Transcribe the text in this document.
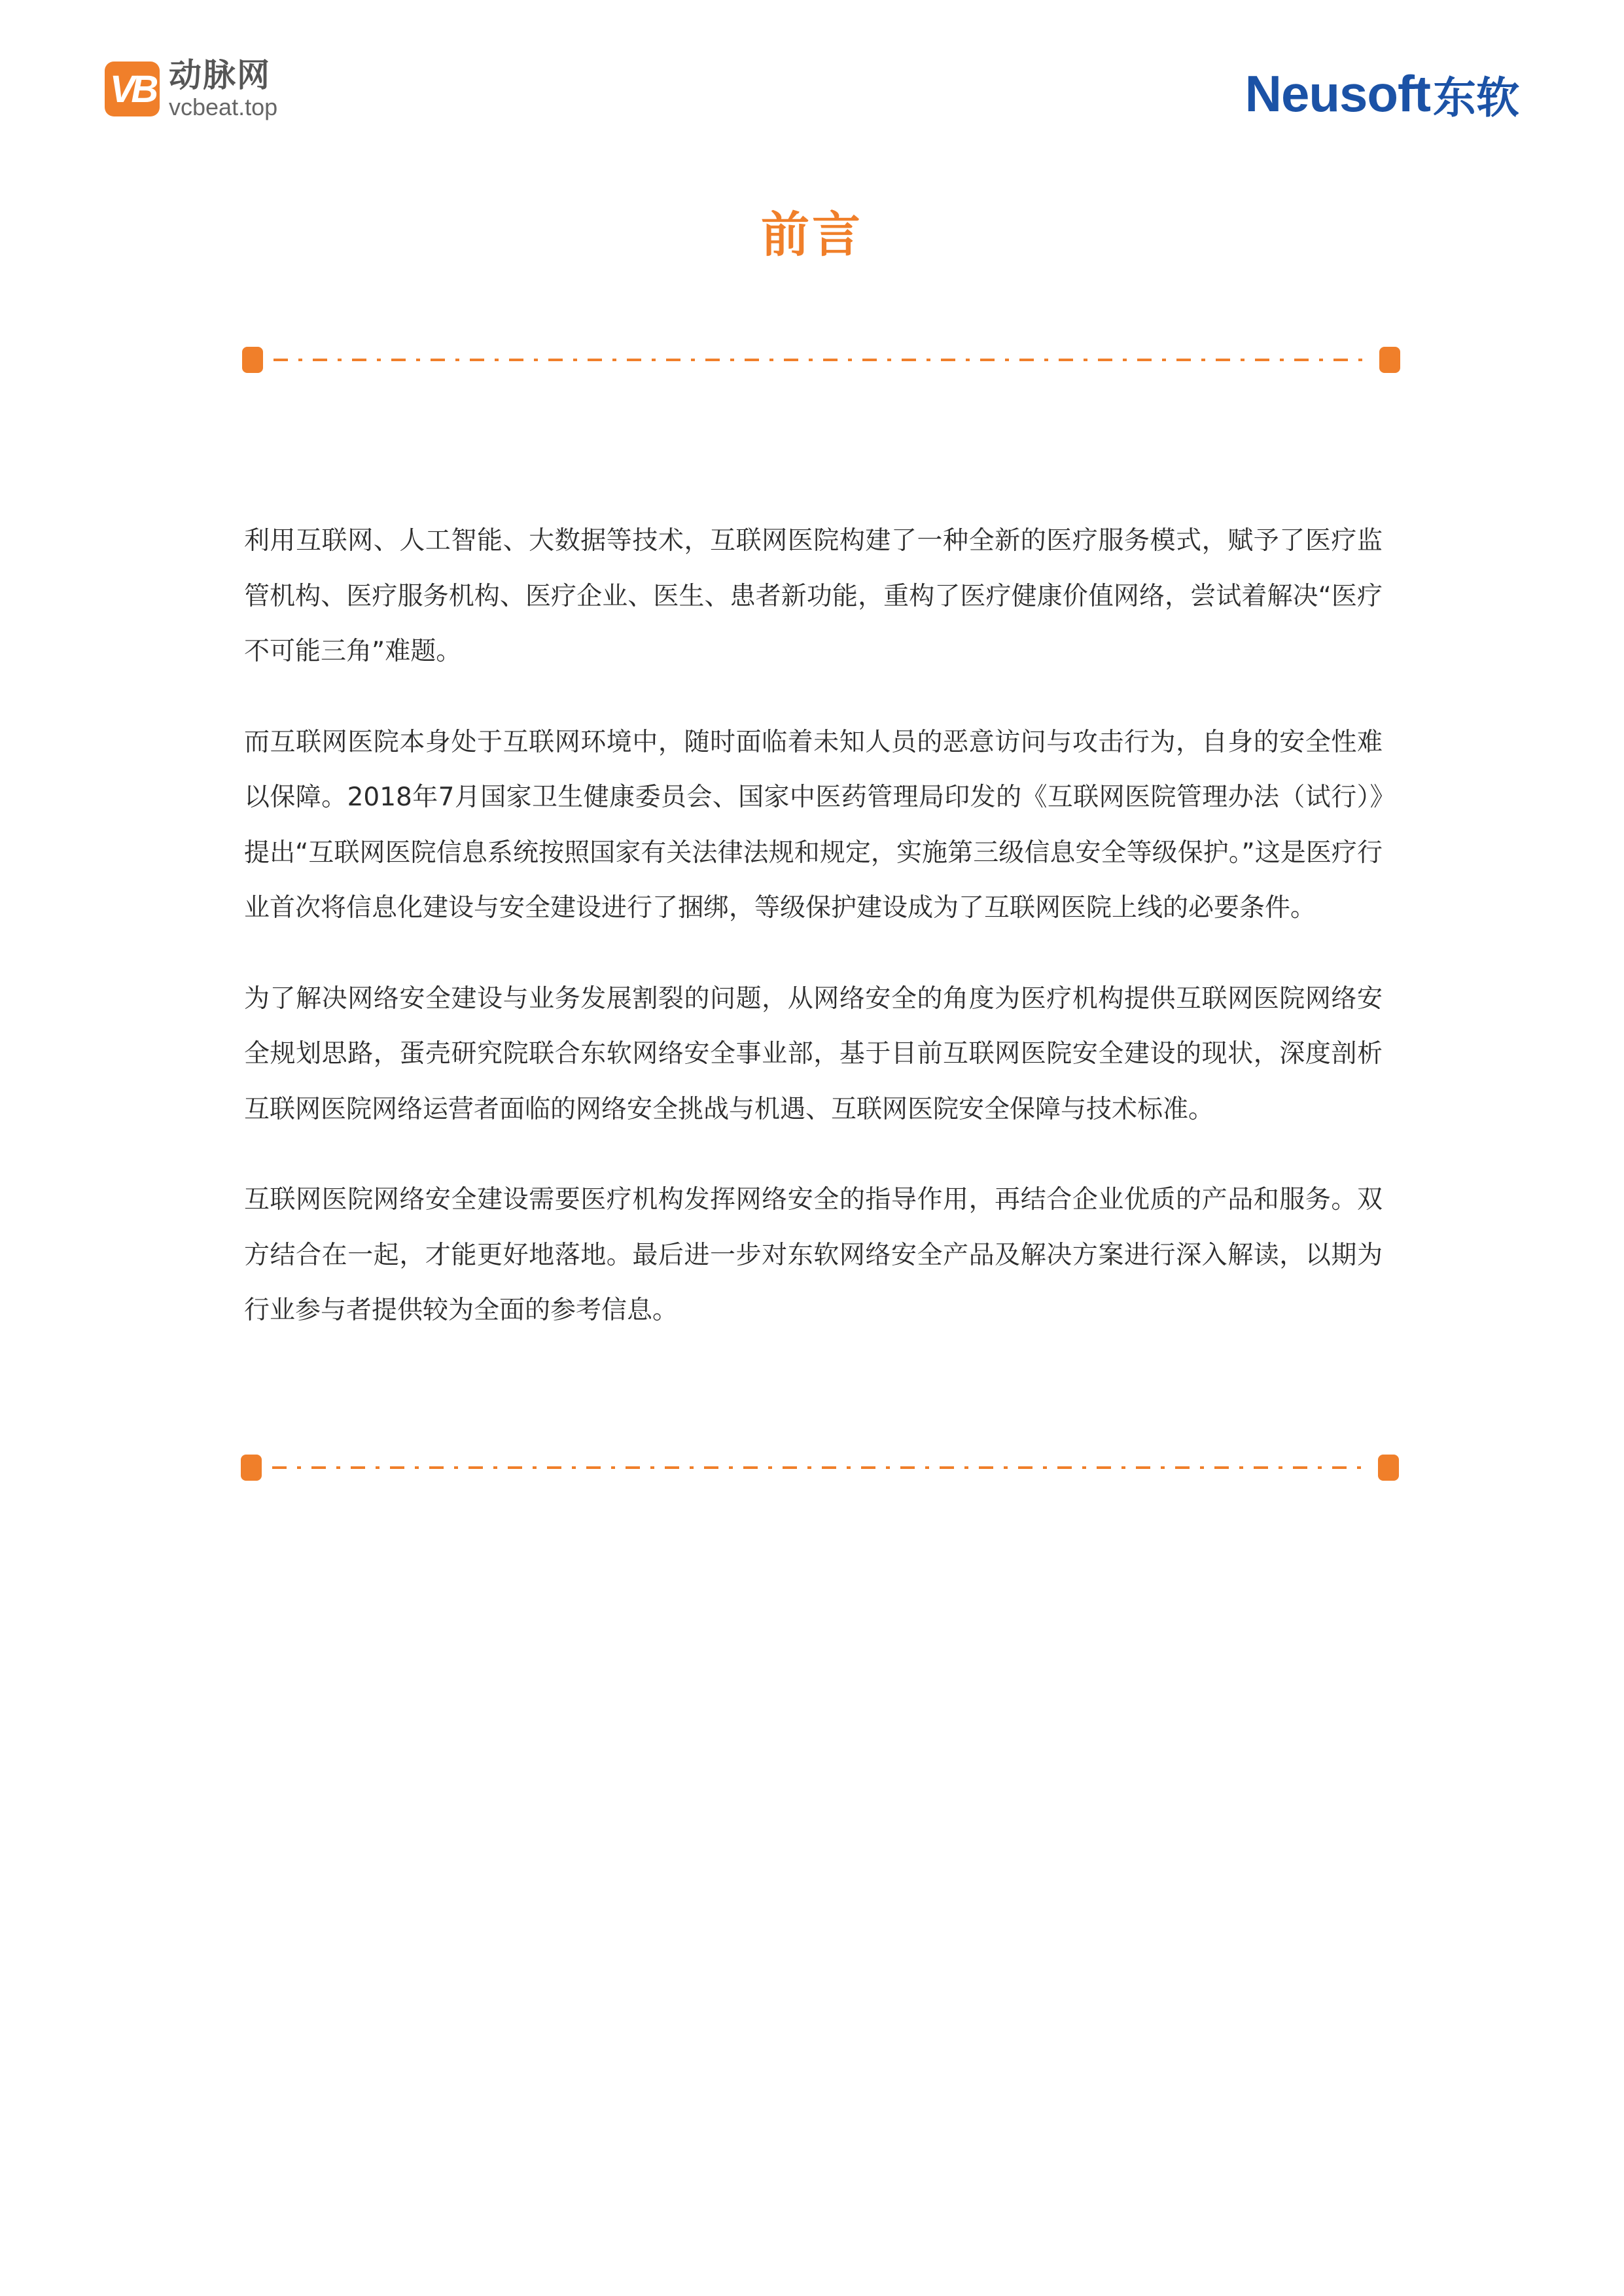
VB 动脉网
vcbeat.top	Neusoft 东软
前言

利用互联网、人工智能、大数据等技术，互联网医院构建了一种全新的医疗服务模式，赋予了医疗监管机构、医疗服务机构、医疗企业、医生、患者新功能，重构了医疗健康价值网络，尝试着解决“医疗不可能三角”难题。

而互联网医院本身处于互联网环境中，随时面临着未知人员的恶意访问与攻击行为，自身的安全性难以保障。2018年7月国家卫生健康委员会、国家中医药管理局印发的《互联网医院管理办法（试行）》提出“互联网医院信息系统按照国家有关法律法规和规定，实施第三级信息安全等级保护。”这是医疗行业首次将信息化建设与安全建设进行了捆绑，等级保护建设成为了互联网医院上线的必要条件。

为了解决网络安全建设与业务发展割裂的问题，从网络安全的角度为医疗机构提供互联网医院网络安全规划思路，蛋壳研究院联合东软网络安全事业部，基于目前互联网医院安全建设的现状，深度剖析互联网医院网络运营者面临的网络安全挑战与机遇、互联网医院安全保障与技术标准。

互联网医院网络安全建设需要医疗机构发挥网络安全的指导作用，再结合企业优质的产品和服务。双方结合在一起，才能更好地落地。最后进一步对东软网络安全产品及解决方案进行深入解读，以期为行业参与者提供较为全面的参考信息。
